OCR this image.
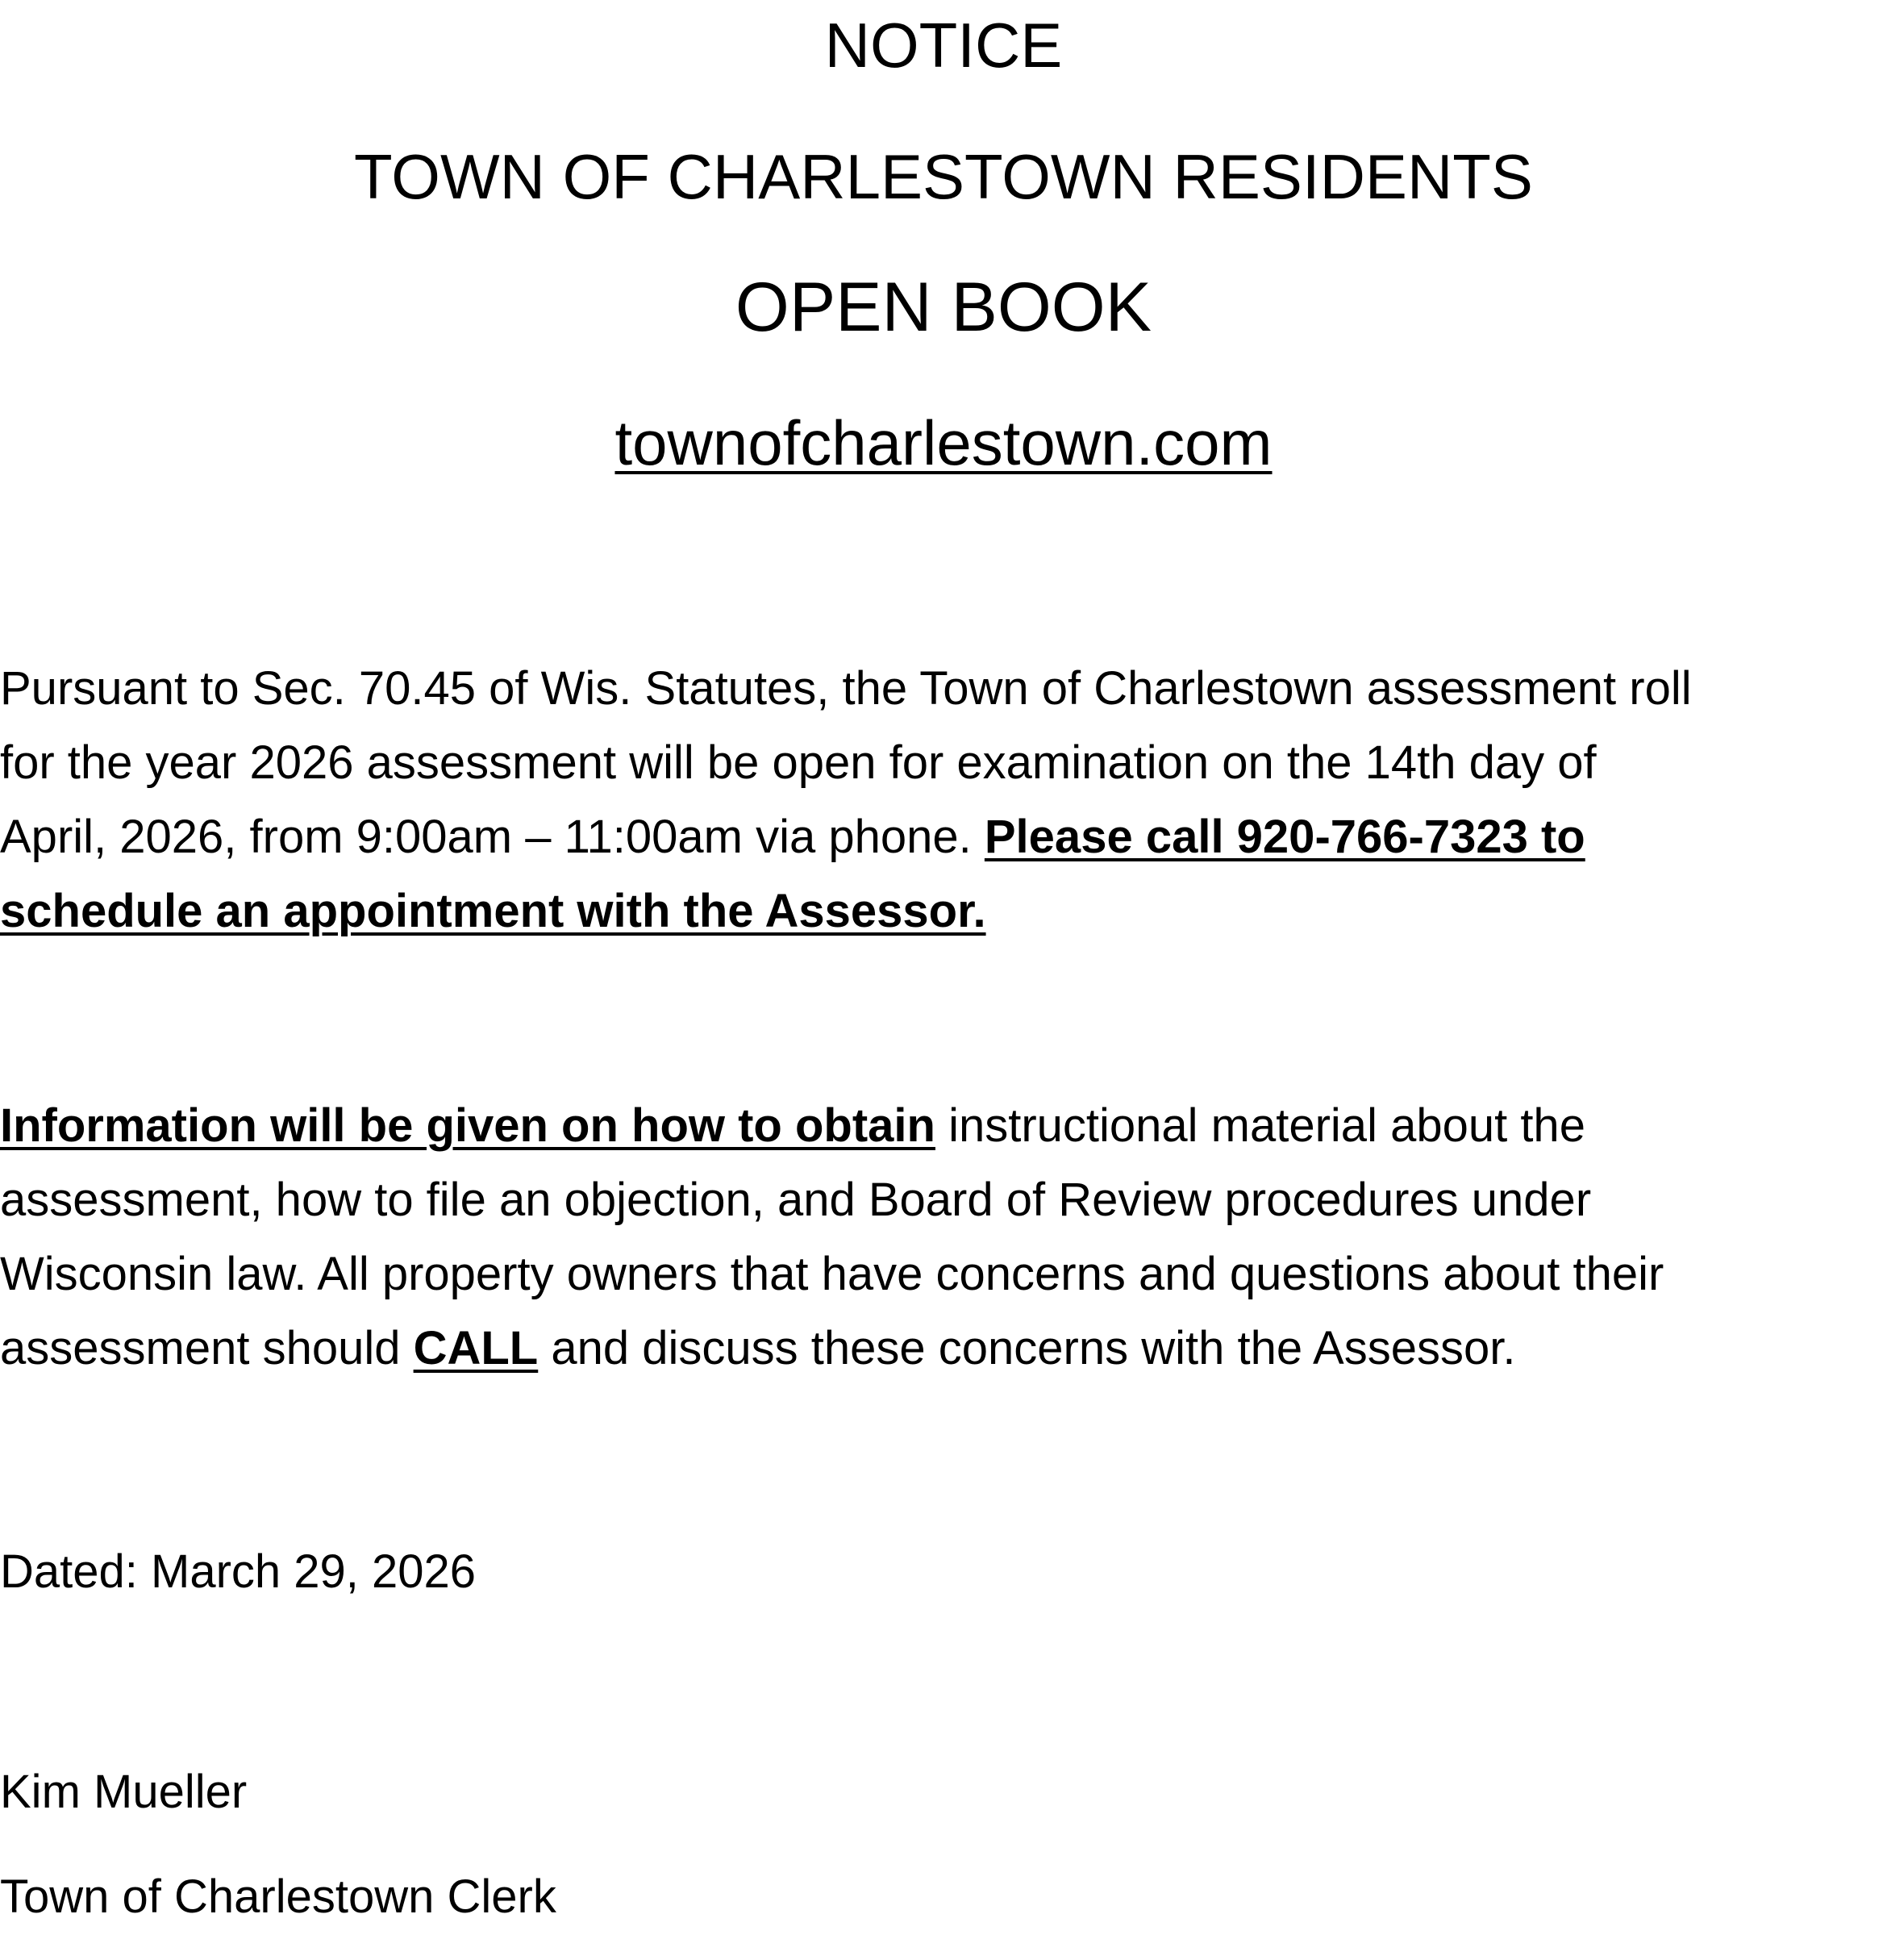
NOTICE
TOWN OF CHARLESTOWN RESIDENTS
OPEN BOOK
townofcharlestown.com
Pursuant to Sec. 70.45 of Wis. Statutes, the Town of Charlestown assessment roll
for the year 2026 assessment will be open for examination on the 14th day of
April, 2026, from 9:00am – 11:00am via phone. Please call 920-766-7323 to
schedule an appointment with the Assessor.
Information will be given on how to obtain instructional material about the
assessment, how to file an objection, and Board of Review procedures under
Wisconsin law. All property owners that have concerns and questions about their
assessment should CALL and discuss these concerns with the Assessor.
Dated: March 29, 2026
Kim Mueller
Town of Charlestown Clerk
